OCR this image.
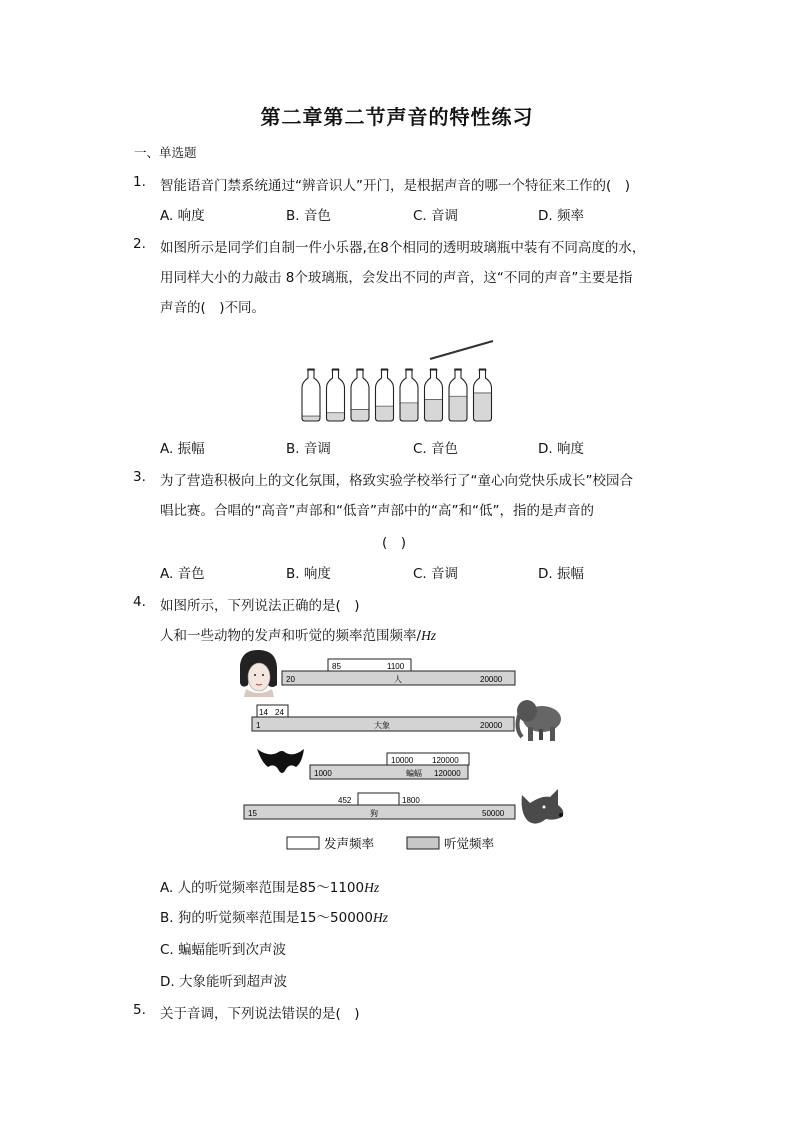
第二章第二节声音的特性练习
一、单选题
1. 智能语音门禁系统通过“辨音识人”开门，是根据声音的哪一个特征来工作的(　)
A. 响度	B. 音色	C. 音调	D. 频率
2. 如图所示是同学们自制一件小乐器,在8个相同的透明玻璃瓶中装有不同高度的水，
用同样大小的力敲击 8个玻璃瓶，会发出不同的声音，这“不同的声音”主要是指
声音的(　)不同。
A. 振幅	B. 音调	C. 音色	D. 响度
3. 为了营造积极向上的文化氛围，格致实验学校举行了“童心向党快乐成长”校园合
唱比赛。合唱的“高音”声部和“低音”声部中的“高”和“低”，指的是声音的
(　)
A. 音色	B. 响度	C. 音调	D. 振幅
4. 如图所示，下列说法正确的是(　)
人和一些动物的发声和听觉的频率范围频率/Hz
20	人	20000
85	1100
1	大象	20000
14 24
1000	蝙蝠 120000
10000 120000
15	狗	50000
452	1800
发声频率	听觉频率
A. 人的听觉频率范围是85～1100Hz
B. 狗的听觉频率范围是15～50000Hz
C. 蝙蝠能听到次声波
D. 大象能听到超声波
5. 关于音调，下列说法错误的是(　)
